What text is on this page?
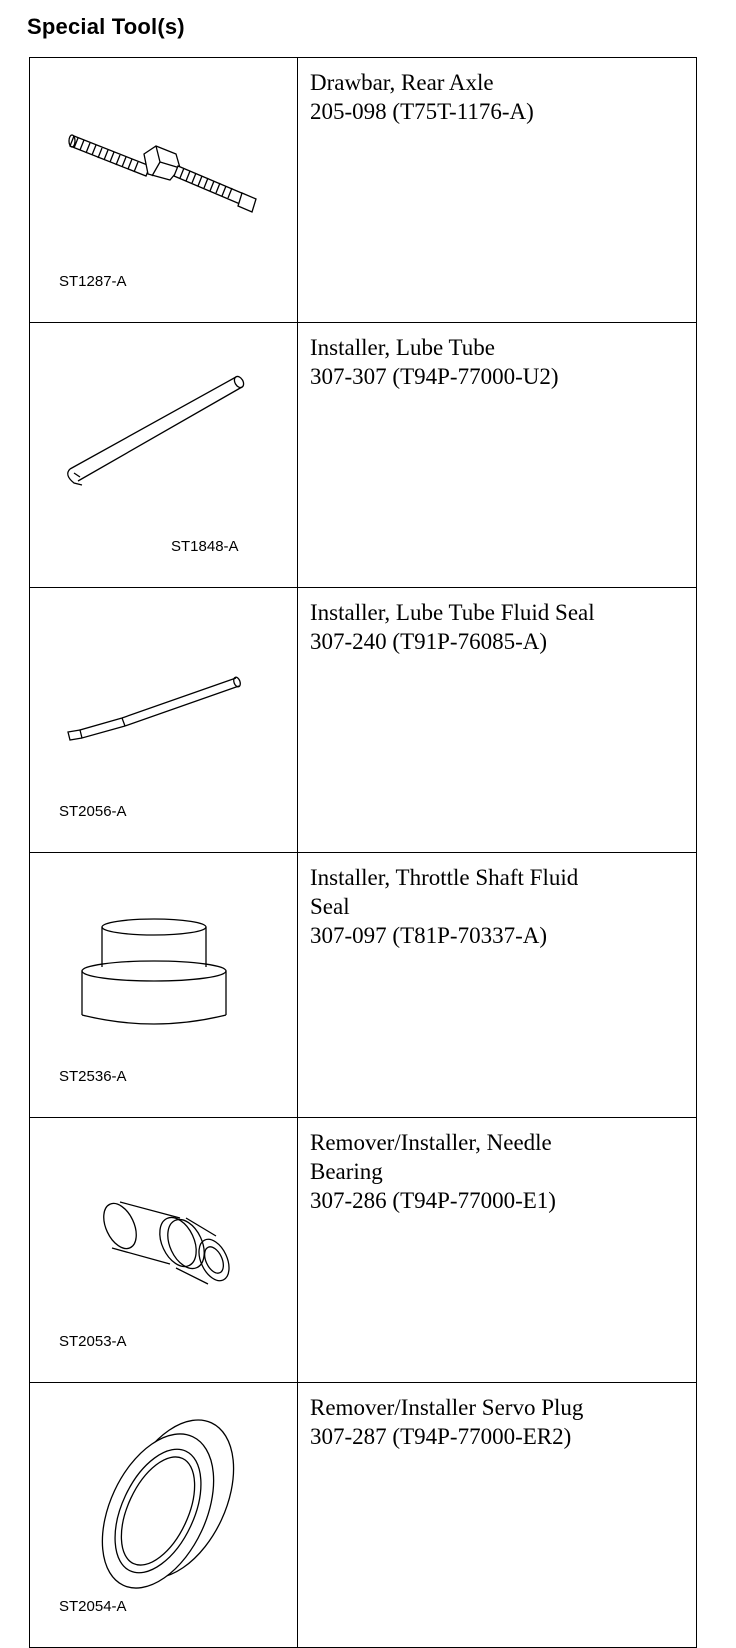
Special Tool(s)
ST1287-A	Drawbar, Rear Axle
205-098 (T75T-1176-A)

ST1848-A	Installer, Lube Tube
307-307 (T94P-77000-U2)

ST2056-A	Installer, Lube Tube Fluid Seal
307-240 (T91P-76085-A)

ST2536-A	Installer, Throttle Shaft Fluid
Seal
307-097 (T81P-70337-A)

ST2053-A	Remover/Installer, Needle
Bearing
307-286 (T94P-77000-E1)

ST2054-A	Remover/Installer Servo Plug
307-287 (T94P-77000-ER2)
